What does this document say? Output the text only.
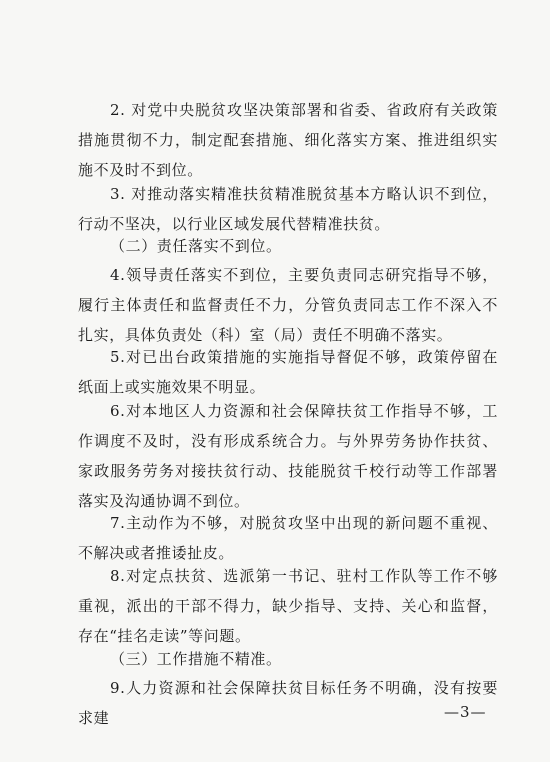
2. 对党中央脱贫攻坚决策部署和省委、省政府有关政策措施贯彻不力，制定配套措施、细化落实方案、推进组织实施不及时不到位。

3. 对推动落实精准扶贫精准脱贫基本方略认识不到位，行动不坚决，以行业区域发展代替精准扶贫。

（二）责任落实不到位。

4.领导责任落实不到位，主要负责同志研究指导不够，履行主体责任和监督责任不力，分管负责同志工作不深入不扎实，具体负责处（科）室（局）责任不明确不落实。

5.对已出台政策措施的实施指导督促不够，政策停留在纸面上或实施效果不明显。

6.对本地区人力资源和社会保障扶贫工作指导不够，工作调度不及时，没有形成系统合力。与外界劳务协作扶贫、家政服务劳务对接扶贫行动、技能脱贫千校行动等工作部署落实及沟通协调不到位。

7.主动作为不够，对脱贫攻坚中出现的新问题不重视、不解决或者推诿扯皮。

8.对定点扶贫、选派第一书记、驻村工作队等工作不够重视，派出的干部不得力，缺少指导、支持、关心和监督，存在“挂名走读”等问题。

（三）工作措施不精准。

9.人力资源和社会保障扶贫目标任务不明确，没有按要求建	—3—
